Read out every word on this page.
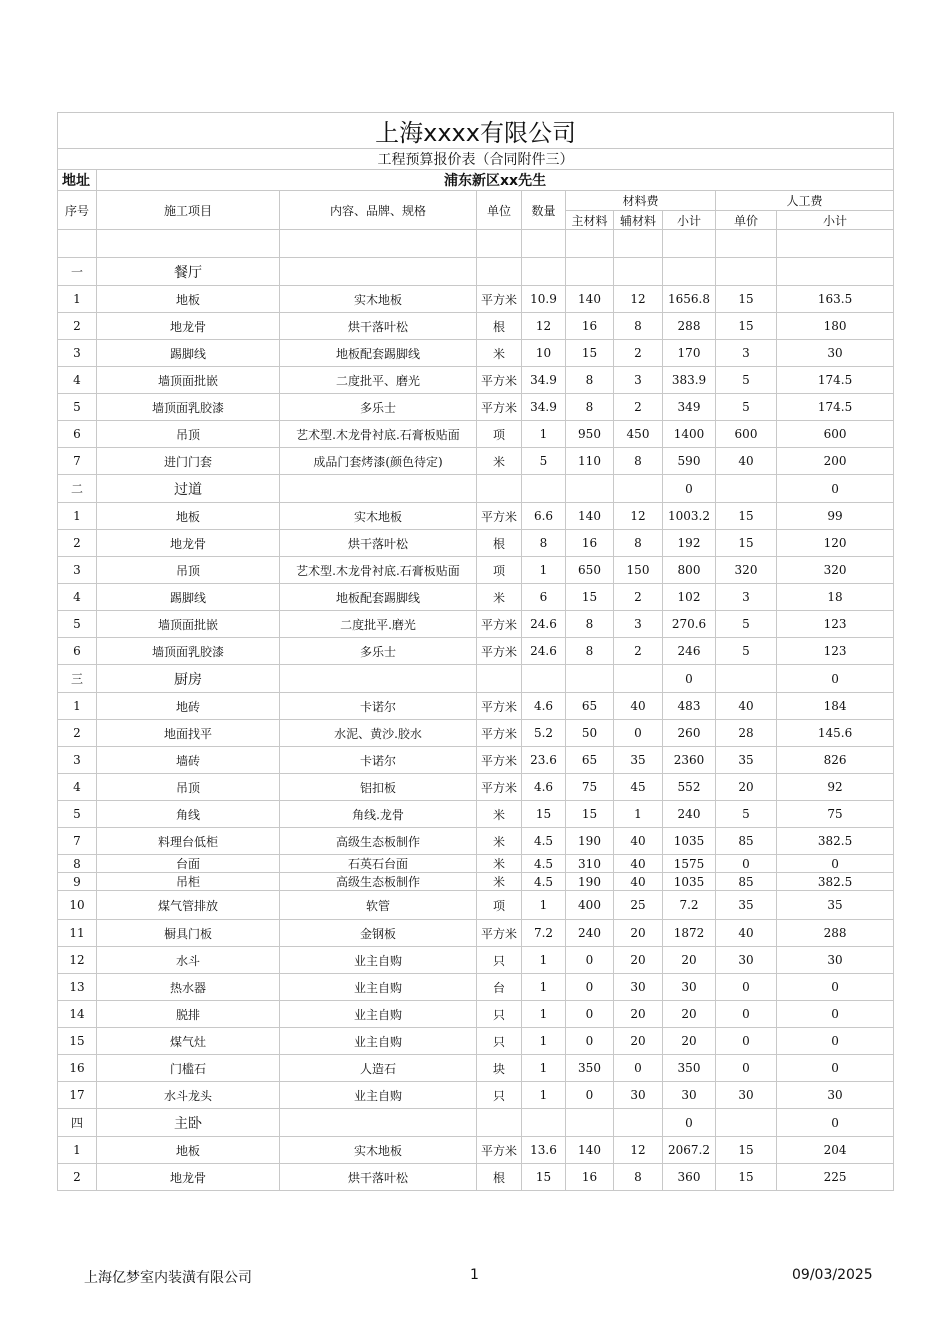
上海xxxx有限公司									
工程预算报价表（合同附件三）									
地址	浦东新区xx先生								
序号	施工项目	内容、品牌、规格	单位	数量	材料费			人工费	
					主材料	辅材料	小计	单价	小计

一	餐厅								
1	地板	实木地板	平方米	10.9	140	12	1656.8	15	163.5
2	地龙骨	烘干落叶松	根	12	16	8	288	15	180
3	踢脚线	地板配套踢脚线	米	10	15	2	170	3	30
4	墙顶面批嵌	二度批平、磨光	平方米	34.9	8	3	383.9	5	174.5
5	墙顶面乳胶漆	多乐士	平方米	34.9	8	2	349	5	174.5
6	吊顶	艺术型.木龙骨衬底.石膏板贴面	项	1	950	450	1400	600	600
7	进门门套	成品门套烤漆(颜色待定)	米	5	110	8	590	40	200
二	过道						0		0
1	地板	实木地板	平方米	6.6	140	12	1003.2	15	99
2	地龙骨	烘干落叶松	根	8	16	8	192	15	120
3	吊顶	艺术型.木龙骨衬底.石膏板贴面	项	1	650	150	800	320	320
4	踢脚线	地板配套踢脚线	米	6	15	2	102	3	18
5	墙顶面批嵌	二度批平.磨光	平方米	24.6	8	3	270.6	5	123
6	墙顶面乳胶漆	多乐士	平方米	24.6	8	2	246	5	123
三	厨房						0		0
1	地砖	卡诺尔	平方米	4.6	65	40	483	40	184
2	地面找平	水泥、黄沙.胶水	平方米	5.2	50	0	260	28	145.6
3	墙砖	卡诺尔	平方米	23.6	65	35	2360	35	826
4	吊顶	铝扣板	平方米	4.6	75	45	552	20	92
5	角线	角线.龙骨	米	15	15	1	240	5	75
7	料理台低柜	高级生态板制作	米	4.5	190	40	1035	85	382.5
8	台面	石英石台面	米	4.5	310	40	1575	0	0
9	吊柜	高级生态板制作	米	4.5	190	40	1035	85	382.5
10	煤气管排放	软管	项	1	400	25	7.2	35	35
11	橱具门板	金钢板	平方米	7.2	240	20	1872	40	288
12	水斗	业主自购	只	1	0	20	20	30	30
13	热水器	业主自购	台	1	0	30	30	0	0
14	脱排	业主自购	只	1	0	20	20	0	0
15	煤气灶	业主自购	只	1	0	20	20	0	0
16	门槛石	人造石	块	1	350	0	350	0	0
17	水斗龙头	业主自购	只	1	0	30	30	30	30
四	主卧						0		0
1	地板	实木地板	平方米	13.6	140	12	2067.2	15	204
2	地龙骨	烘干落叶松	根	15	16	8	360	15	225
上海亿梦室内装潢有限公司	1	09/03/2025
